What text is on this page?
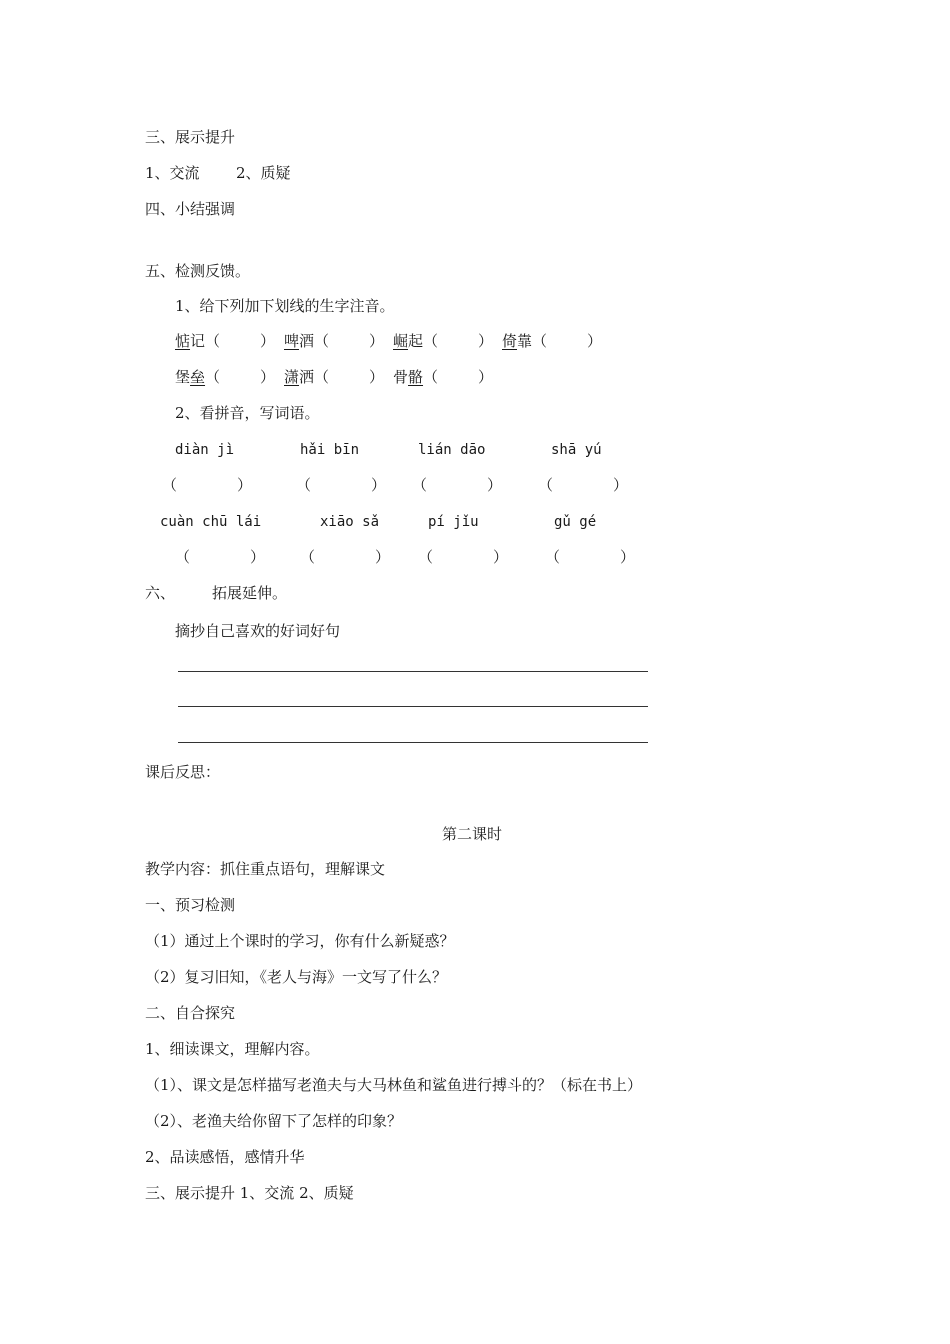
三、展示提升
1、交流 2、质疑
四、小结强调
五、检测反馈。
1、给下列加下划线的生字注音。
惦记（	） 啤酒（	） 崛起（	） 倚靠（	）
堡垒（	） 潇洒（	） 骨骼（	）
2、看拼音，写词语。
diàn jì	hǎi bīn	lián dāo	shā yú
（	）	（	） （	） （	）
cuàn chū lái	xiāo sǎ	pí jǐu	gǔ gé
（	） （	） （	） （	）
六、 拓展延伸。
摘抄自己喜欢的好词好句
课后反思：
第二课时
教学内容：抓住重点语句，理解课文
一、预习检测
（1）通过上个课时的学习，你有什么新疑惑？
（2）复习旧知，《老人与海》一文写了什么？
二、自合探究
1、细读课文，理解内容。
（1）、课文是怎样描写老渔夫与大马林鱼和鲨鱼进行搏斗的？（标在书上）
（2）、老渔夫给你留下了怎样的印象？
2、品读感悟，感情升华
三、展示提升 1、交流 2、质疑
